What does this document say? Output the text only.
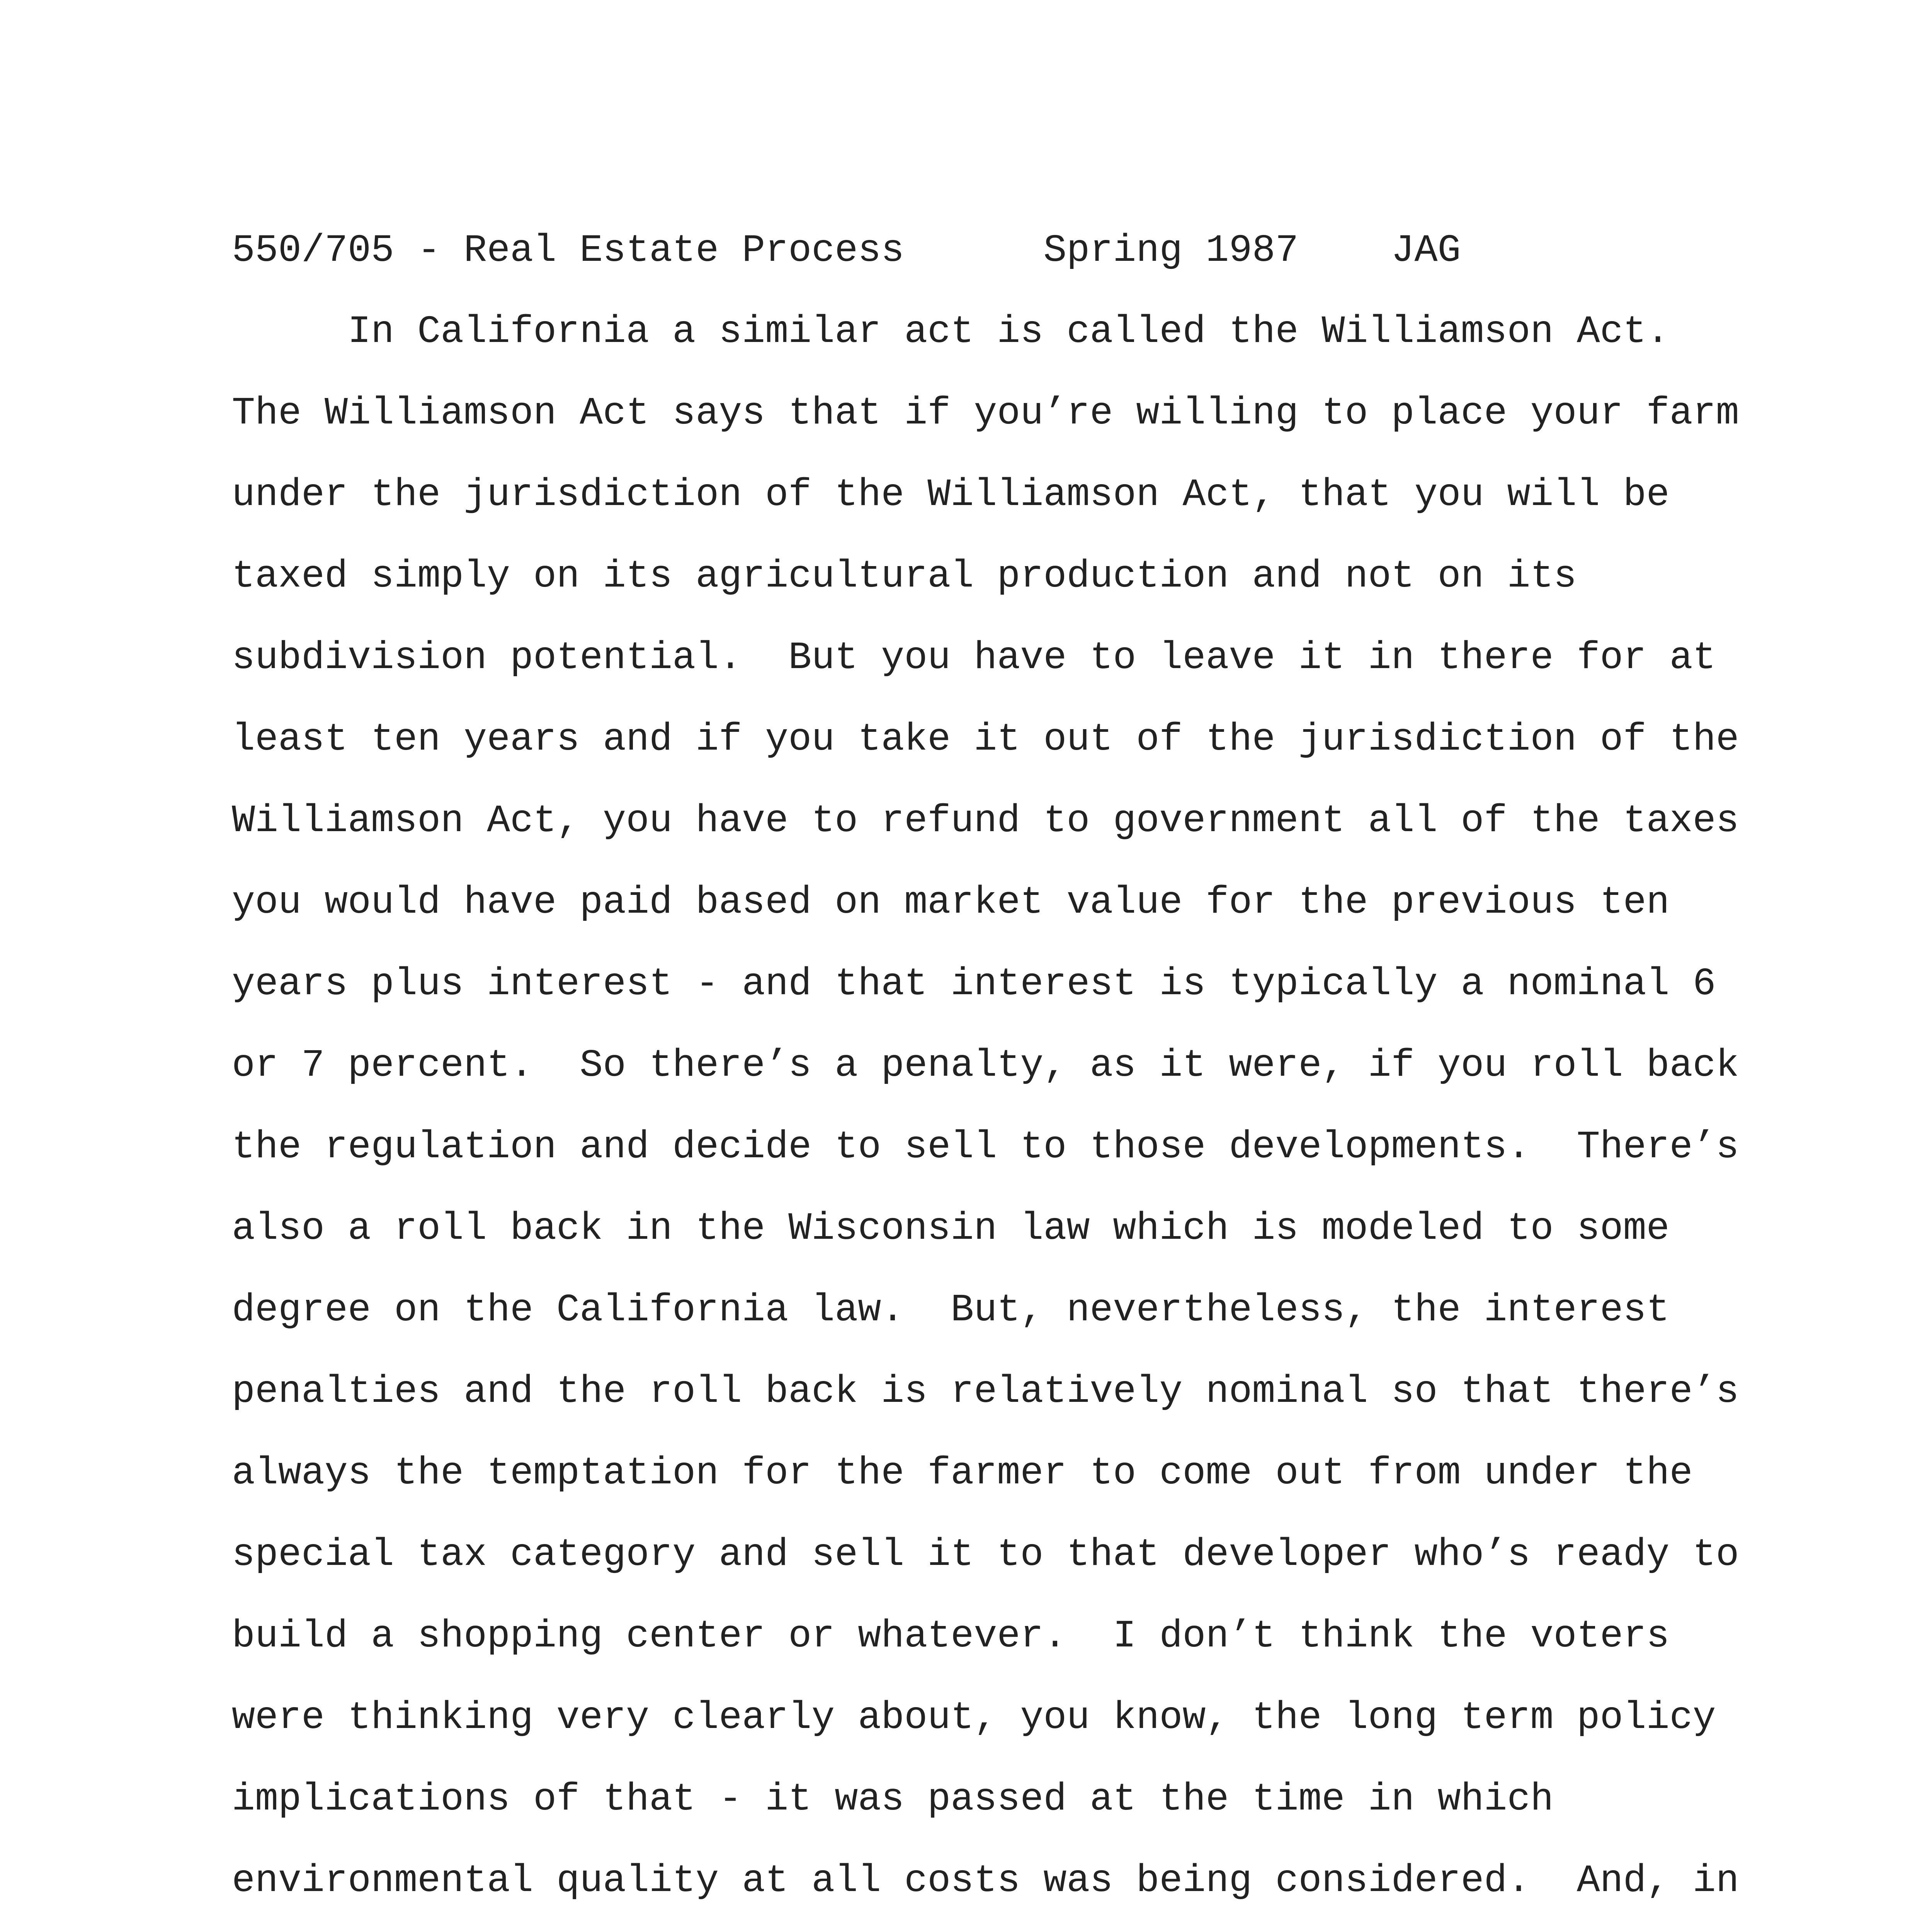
550/705 - Real Estate Process	Spring 1987 JAG
In California a similar act is called the Williamson Act.
The Williamson Act says that if you’re willing to place your farm
under the jurisdiction of the Williamson Act, that you will be
taxed simply on its agricultural production and not on its
subdivision potential.  But you have to leave it in there for at
least ten years and if you take it out of the jurisdiction of the
Williamson Act, you have to refund to government all of the taxes
you would have paid based on market value for the previous ten
years plus interest - and that interest is typically a nominal 6
or 7 percent.  So there’s a penalty, as it were, if you roll back
the regulation and decide to sell to those developments.  There’s
also a roll back in the Wisconsin law which is modeled to some
degree on the California law.  But, nevertheless, the interest
penalties and the roll back is relatively nominal so that there’s
always the temptation for the farmer to come out from under the
special tax category and sell it to that developer who’s ready to
build a shopping center or whatever.  I don’t think the voters
were thinking very clearly about, you know, the long term policy
implications of that - it was passed at the time in which
environmental quality at all costs was being considered.  And, in
